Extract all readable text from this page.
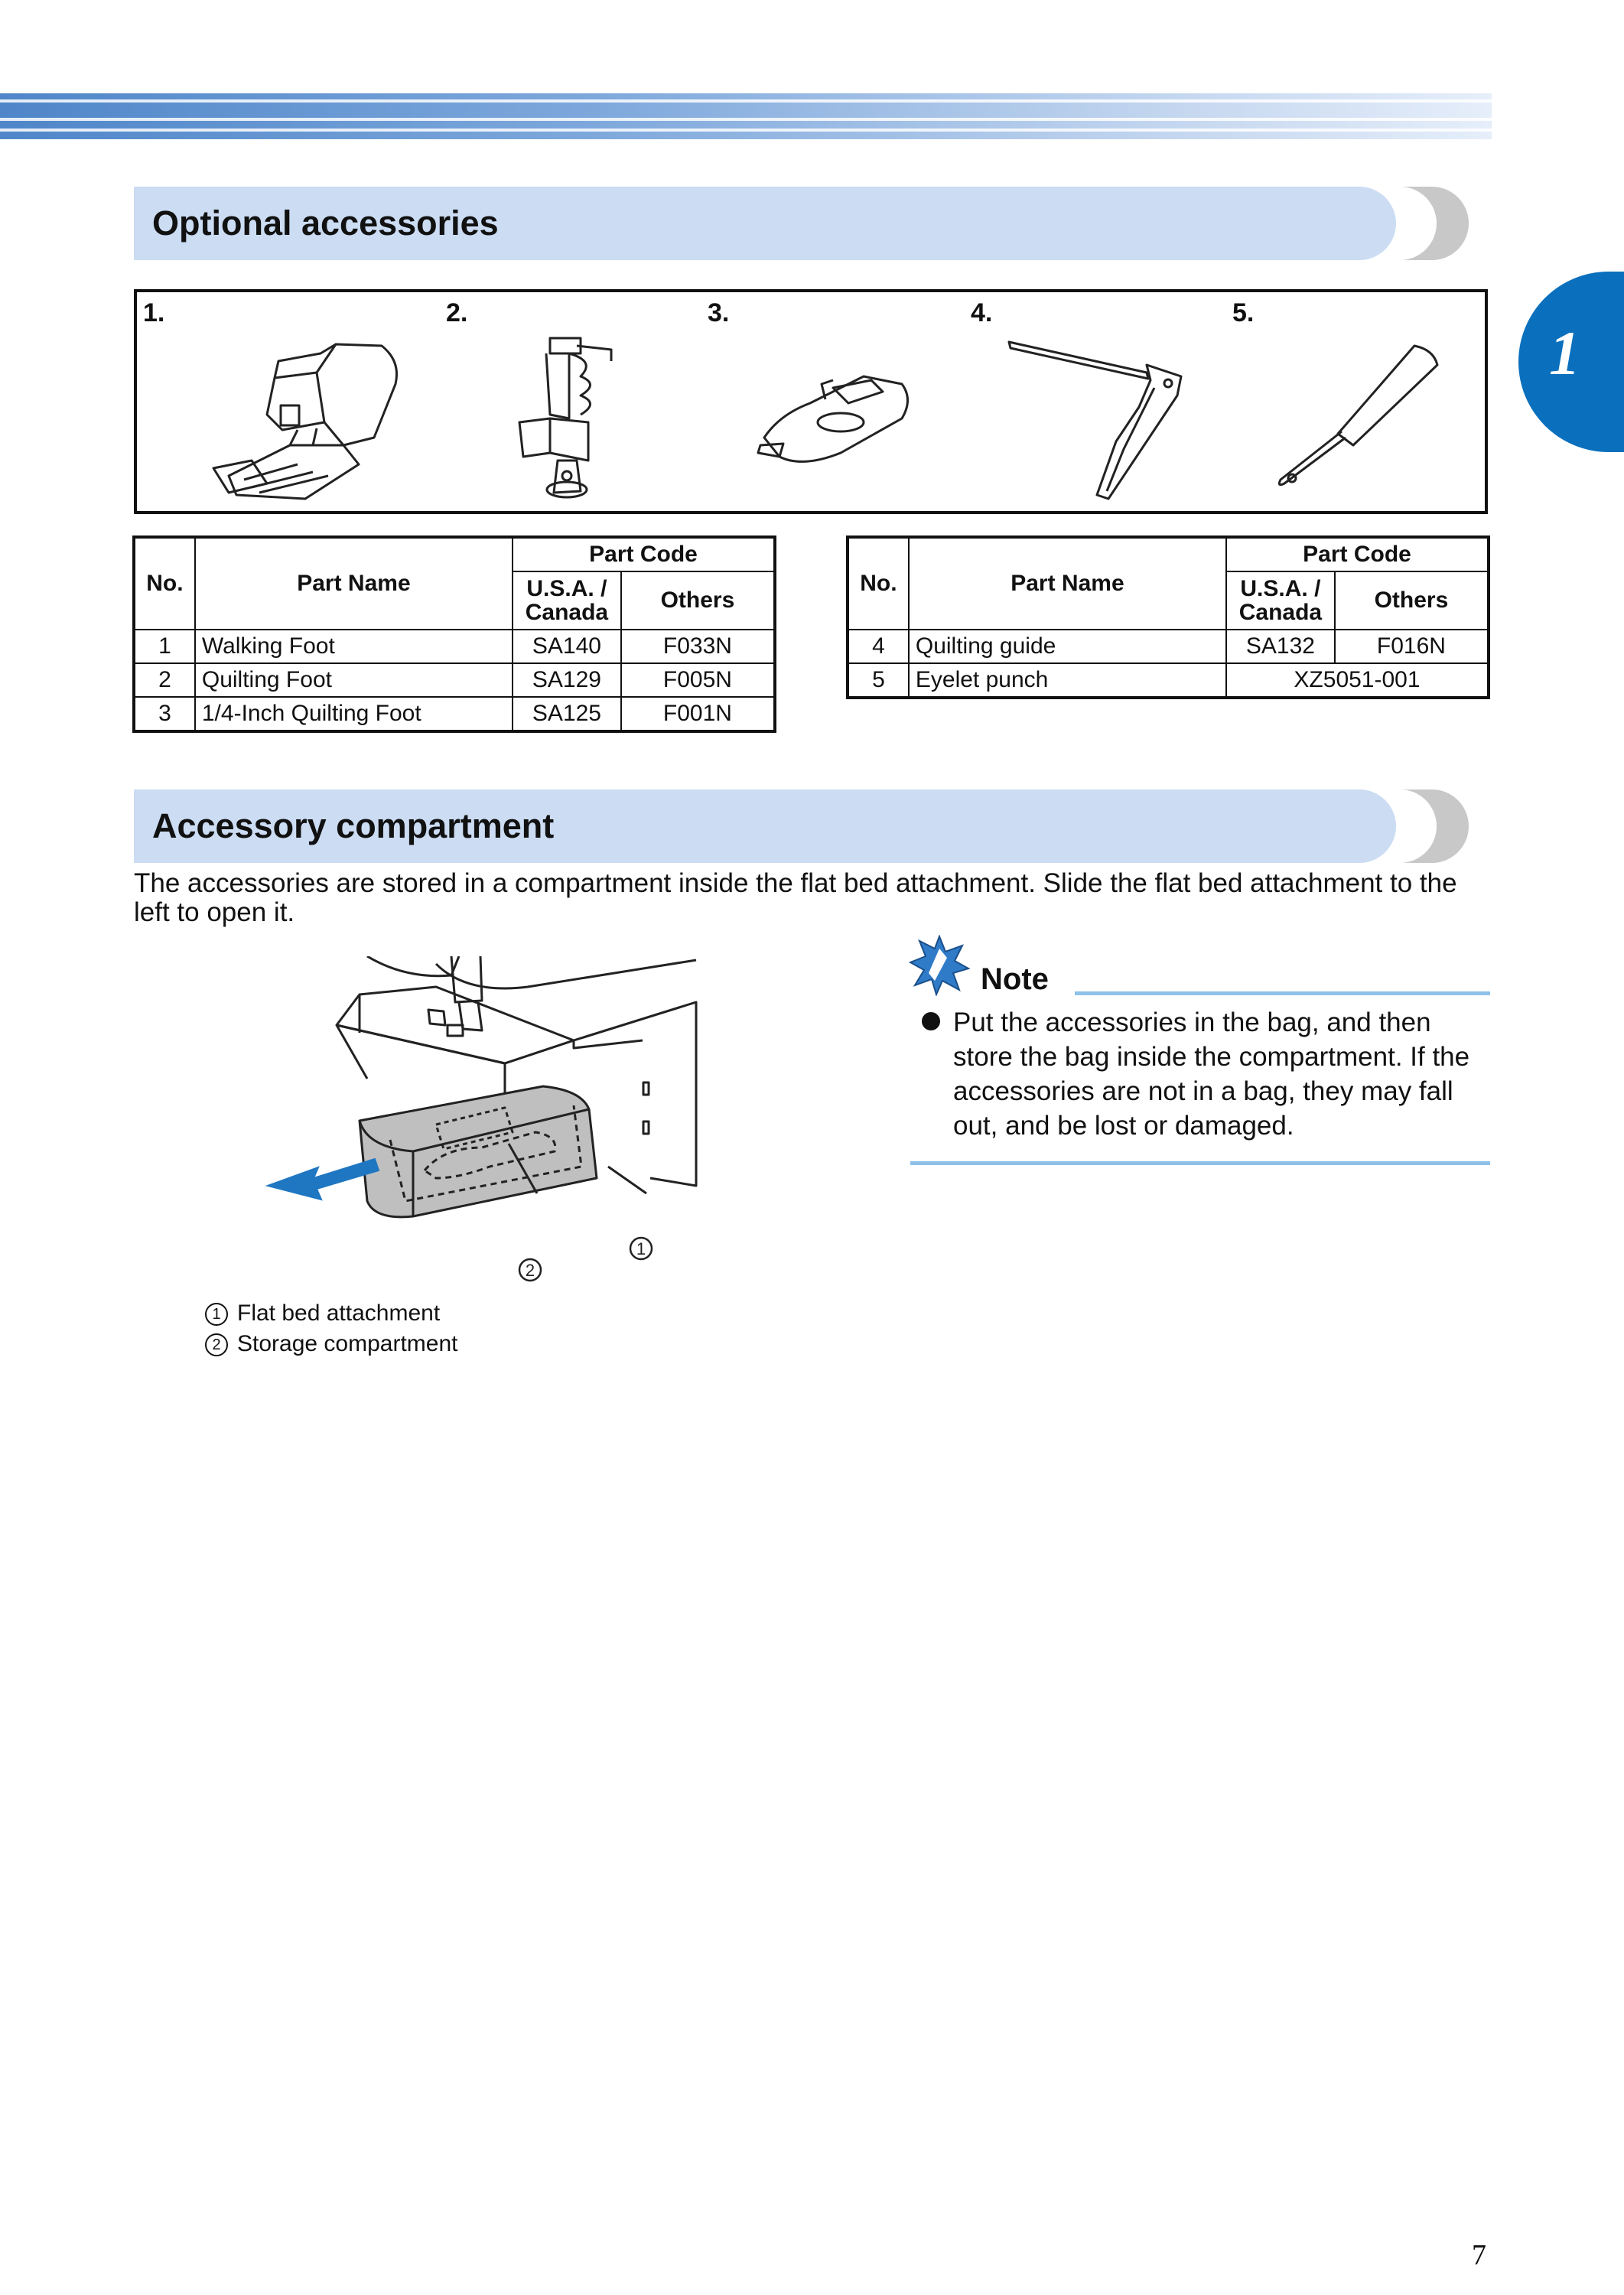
1
Optional accessories
1.	2.	3.	4.	5.
No.	Part Name	Part Code	
		U.S.A. / Canada	Others
1	Walking Foot	SA140	F033N
2	Quilting Foot	SA129	F005N
3	1/4-Inch Quilting Foot	SA125	F001N
No.	Part Name	Part Code	
		U.S.A. / Canada	Others
4	Quilting guide	SA132	F016N
5	Eyelet punch	XZ5051-001	
Accessory compartment
The accessories are stored in a compartment inside the flat bed attachment. Slide the flat bed attachment to the left to open it.
1
2
1 Flat bed attachment
2 Storage compartment
Note
Put the accessories in the bag, and then store the bag inside the compartment. If the accessories are not in a bag, they may fall out, and be lost or damaged.
7
